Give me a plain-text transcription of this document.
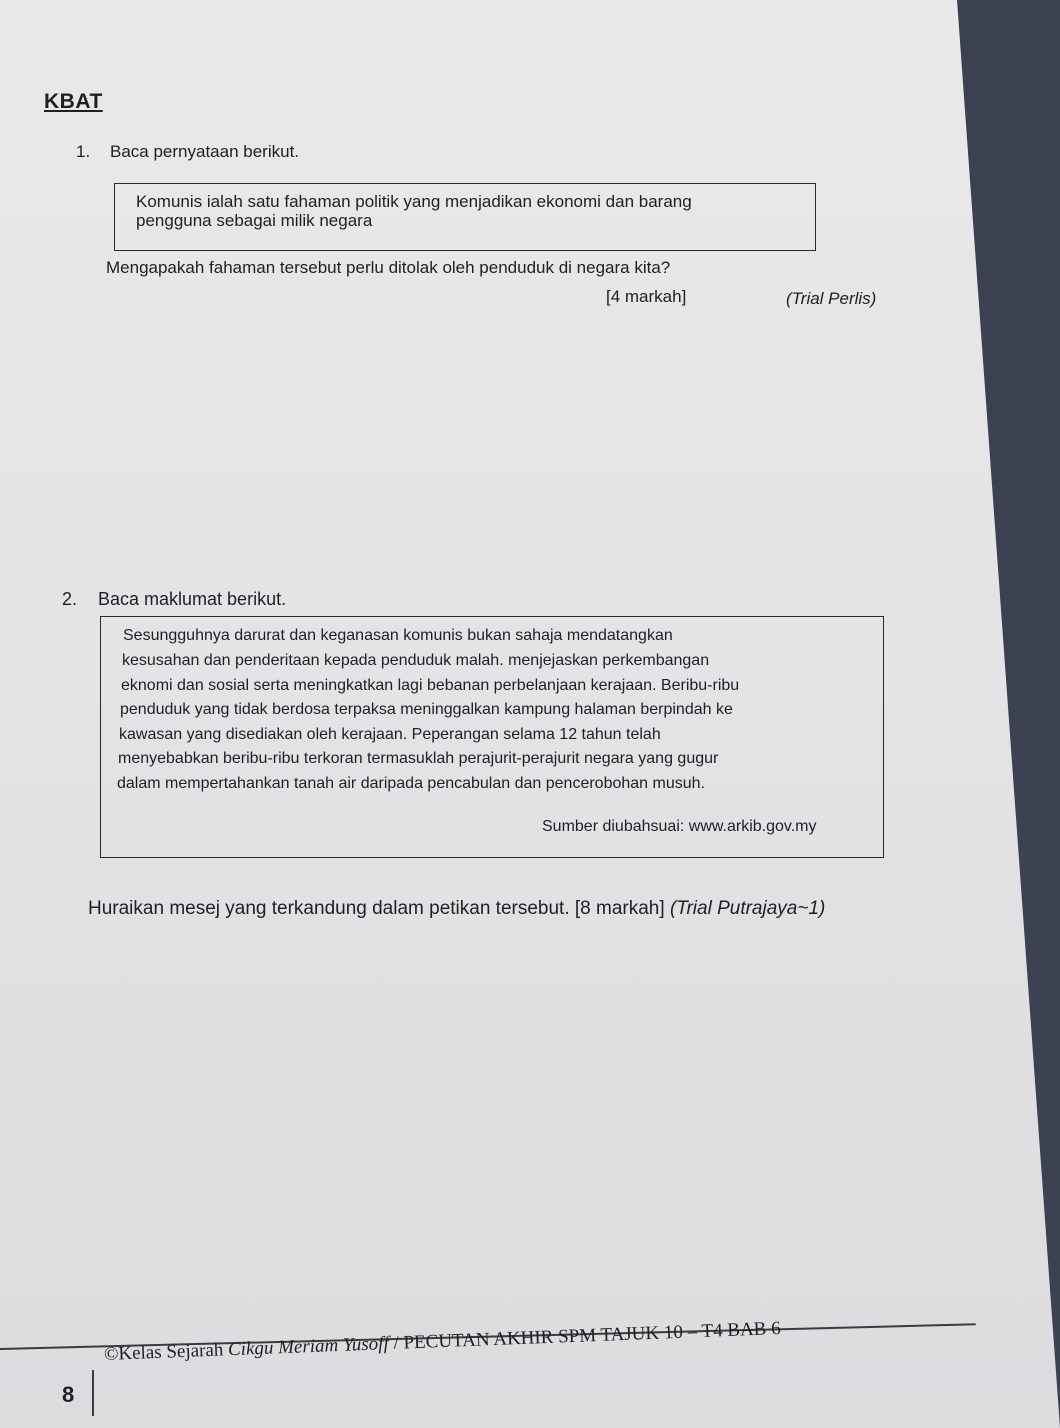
KBAT
1. Baca pernyataan berikut.
Komunis ialah satu fahaman politik yang menjadikan ekonomi dan barang
pengguna sebagai milik negara
Mengapakah fahaman tersebut perlu ditolak oleh penduduk di negara kita?
[4 markah]	(Trial Perlis)
2. Baca maklumat berikut.
Sesungguhnya darurat dan keganasan komunis bukan sahaja mendatangkan
kesusahan dan penderitaan kepada penduduk malah. menjejaskan perkembangan
eknomi dan sosial serta meningkatkan lagi bebanan perbelanjaan kerajaan. Beribu-ribu
penduduk yang tidak berdosa terpaksa meninggalkan kampung halaman berpindah ke
kawasan yang disediakan oleh kerajaan. Peperangan selama 12 tahun telah
menyebabkan beribu-ribu terkoran termasuklah perajurit-perajurit negara yang gugur
dalam mempertahankan tanah air daripada pencabulan dan pencerobohan musuh.
Sumber diubahsuai: www.arkib.gov.my
Huraikan mesej yang terkandung dalam petikan tersebut. [8 markah] (Trial Putrajaya~1)
8
©Kelas Sejarah Cikgu Meriam Yusoff / PECUTAN AKHIR SPM TAJUK 10 – T4 BAB 6
